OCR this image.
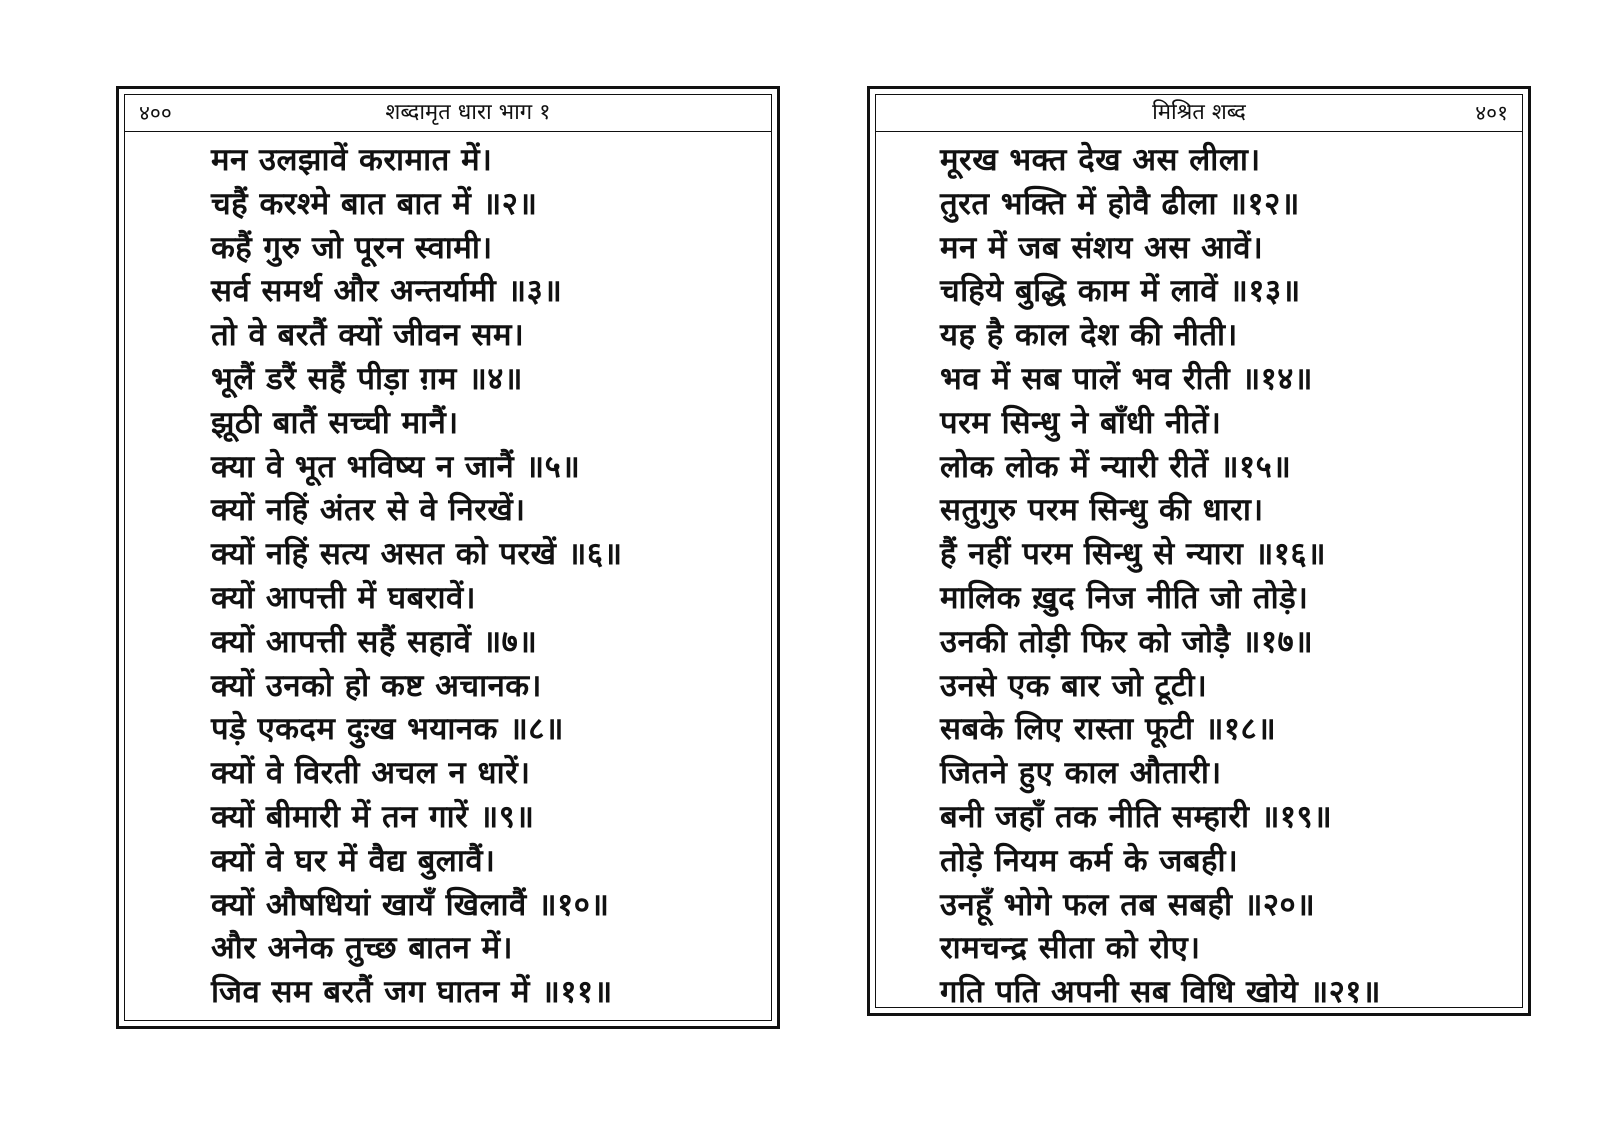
४००	शब्दामृत धारा भाग १
मन उलझावें करामात में।
चहैं करश्मे बात बात में ॥२॥
कहैं गुरु जो पूरन स्वामी।
सर्व समर्थ और अन्तर्यामी ॥३॥
तो वे बरतैं क्यों जीवन सम।
भूलैं डरैं सहैं पीड़ा ग़म ॥४॥
झूठी बातैं सच्ची मानैं।
क्या वे भूत भविष्य न जानैं ॥५॥
क्यों नहिं अंतर से वे निरखें।
क्यों नहिं सत्य असत को परखें ॥६॥
क्यों आपत्ती में घबरावें।
क्यों आपत्ती सहैं सहावें ॥७॥
क्यों उनको हो कष्ट अचानक।
पड़े एकदम दुःख भयानक ॥८॥
क्यों वे विरती अचल न धारें।
क्यों बीमारी में तन गारें ॥९॥
क्यों वे घर में वैद्य बुलावैं।
क्यों औषधियां खायँ खिलावैं ॥१०॥
और अनेक तुच्छ बातन में।
जिव सम बरतैं जग घातन में ॥११॥
मिश्रित शब्द	४०१
मूरख भक्त देख अस लीला।
तुरत भक्ति में होवै ढीला ॥१२॥
मन में जब संशय अस आवें।
चहिये बुद्धि काम में लावें ॥१३॥
यह है काल देश की नीती।
भव में सब पालें भव रीती ॥१४॥
परम सिन्धु ने बाँधी नीतें।
लोक लोक में न्यारी रीतें ॥१५॥
सतुगुरु परम सिन्धु की धारा।
हैं नहीं परम सिन्धु से न्यारा ॥१६॥
मालिक ख़ुद निज नीति जो तोड़े।
उनकी तोड़ी फिर को जोड़ै ॥१७॥
उनसे एक बार जो टूटी।
सबके लिए रास्ता फूटी ॥१८॥
जितने हुए काल औतारी।
बनी जहाँ तक नीति सम्हारी ॥१९॥
तोड़े नियम कर्म के जबही।
उनहूँ भोगे फल तब सबही ॥२०॥
रामचन्द्र सीता को रोए।
गति पति अपनी सब विधि खोये ॥२१॥
